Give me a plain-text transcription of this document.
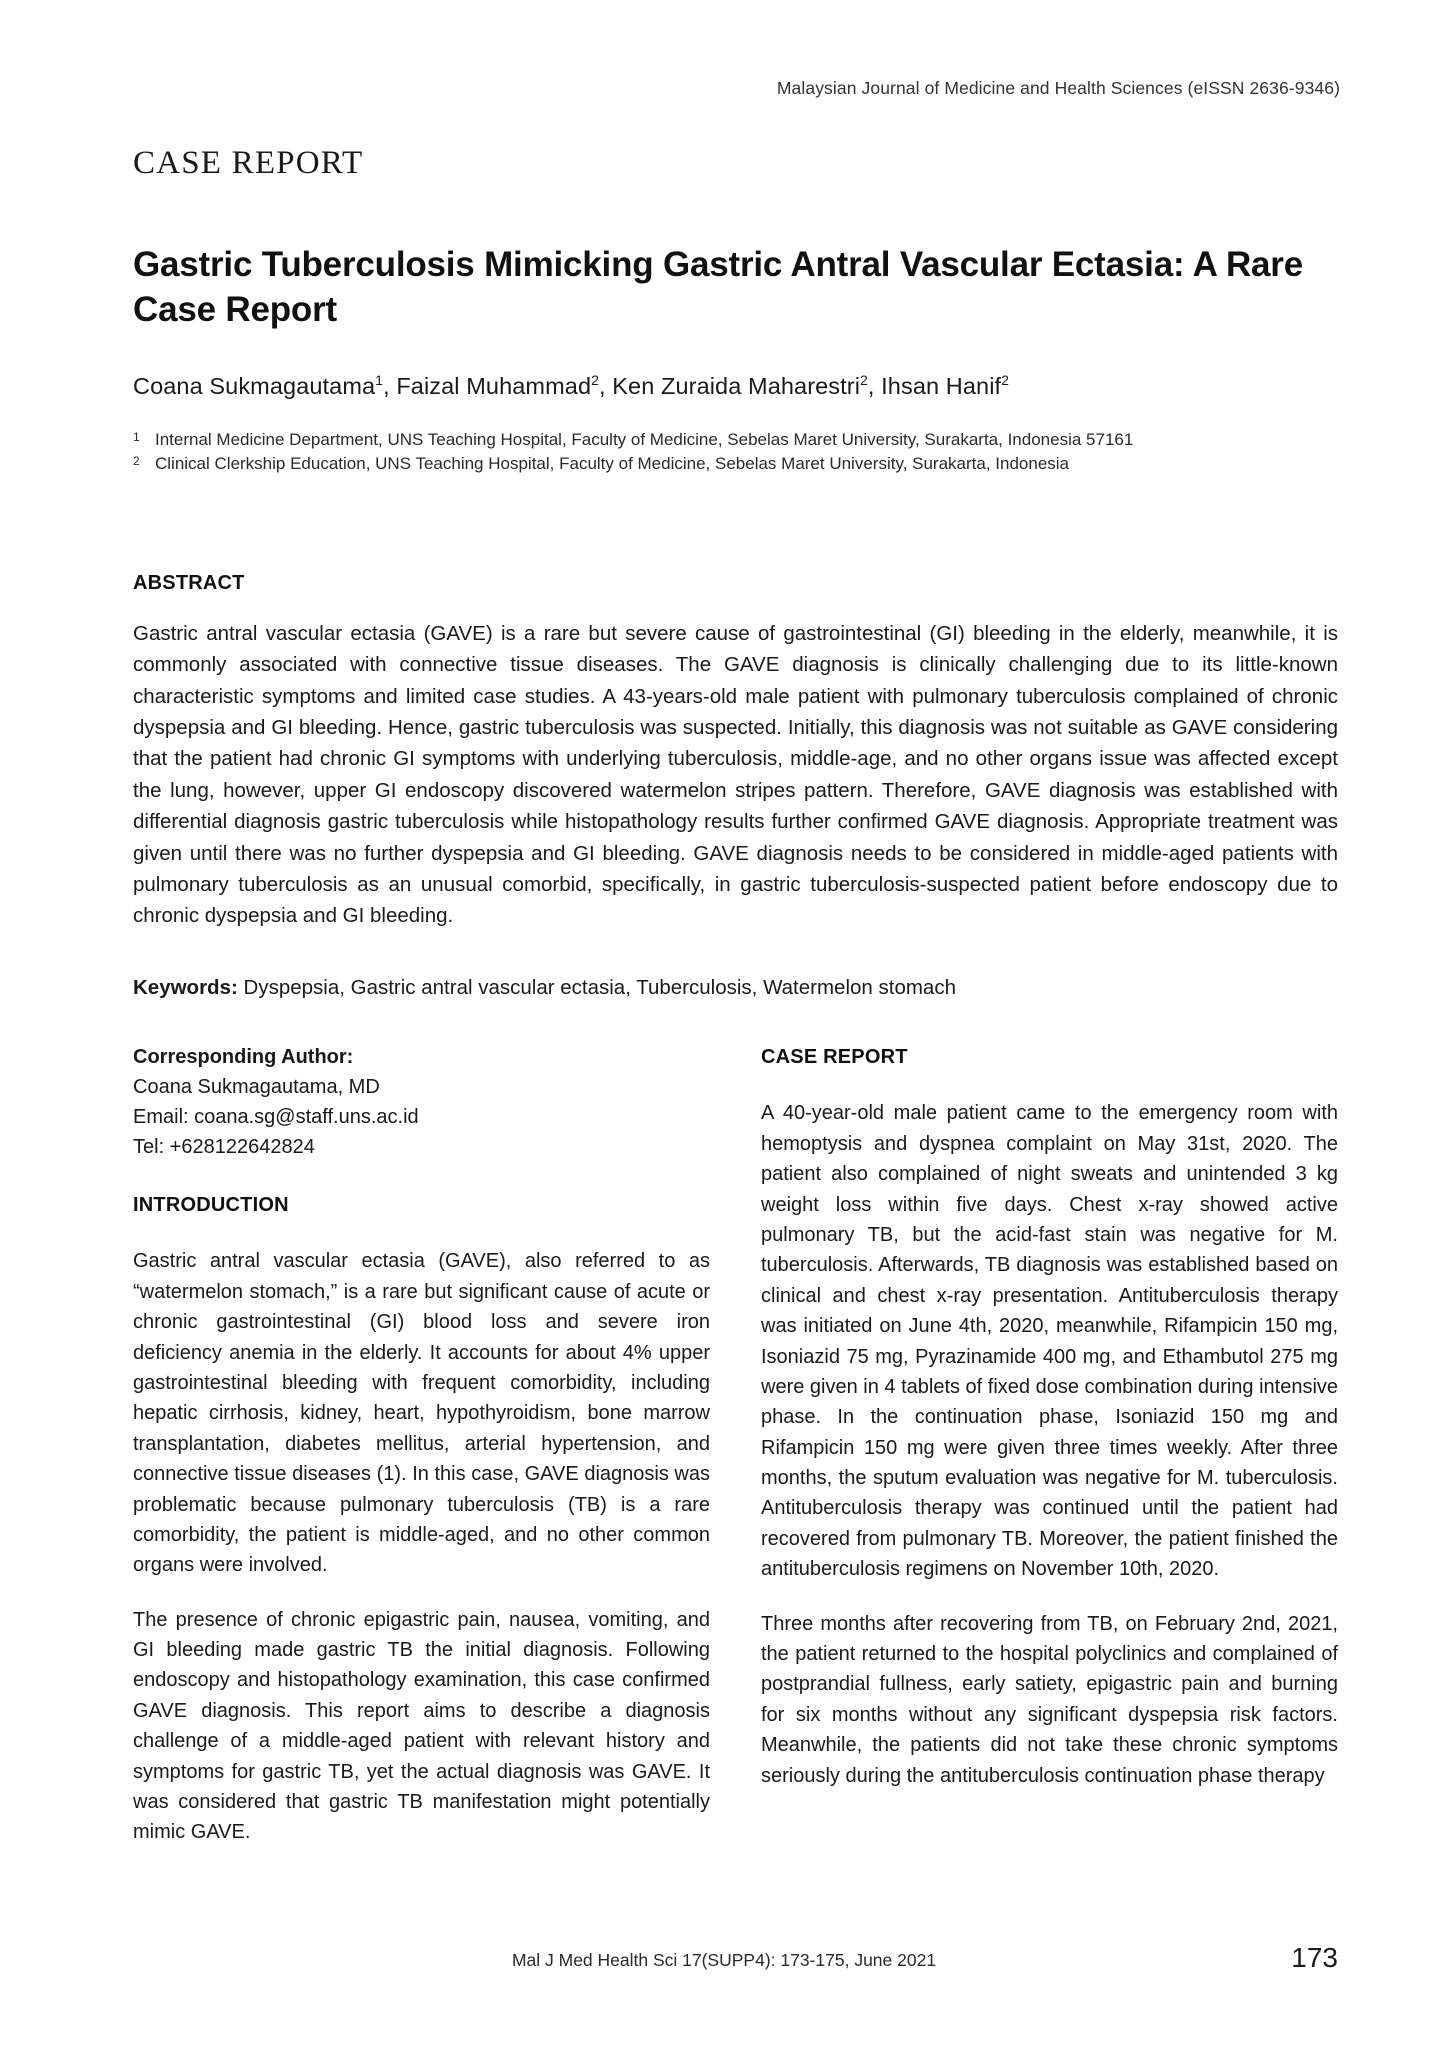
Malaysian Journal of Medicine and Health Sciences (eISSN 2636-9346)
CASE REPORT
Gastric Tuberculosis Mimicking Gastric Antral Vascular Ectasia: A Rare Case Report
Coana Sukmagautama$^1$, Faizal Muhammad$^2$, Ken Zuraida Maharestri$^2$, Ihsan Hanif$^2$
1 Internal Medicine Department, UNS Teaching Hospital, Faculty of Medicine, Sebelas Maret University, Surakarta, Indonesia 57161
2 Clinical Clerkship Education, UNS Teaching Hospital, Faculty of Medicine, Sebelas Maret University, Surakarta, Indonesia
ABSTRACT
Gastric antral vascular ectasia (GAVE) is a rare but severe cause of gastrointestinal (GI) bleeding in the elderly, meanwhile, it is commonly associated with connective tissue diseases. The GAVE diagnosis is clinically challenging due to its little-known characteristic symptoms and limited case studies. A 43-years-old male patient with pulmonary tuberculosis complained of chronic dyspepsia and GI bleeding. Hence, gastric tuberculosis was suspected. Initially, this diagnosis was not suitable as GAVE considering that the patient had chronic GI symptoms with underlying tuberculosis, middle-age, and no other organs issue was affected except the lung, however, upper GI endoscopy discovered watermelon stripes pattern. Therefore, GAVE diagnosis was established with differential diagnosis gastric tuberculosis while histopathology results further confirmed GAVE diagnosis. Appropriate treatment was given until there was no further dyspepsia and GI bleeding. GAVE diagnosis needs to be considered in middle-aged patients with pulmonary tuberculosis as an unusual comorbid, specifically, in gastric tuberculosis-suspected patient before endoscopy due to chronic dyspepsia and GI bleeding.
Keywords: Dyspepsia, Gastric antral vascular ectasia, Tuberculosis, Watermelon stomach
Corresponding Author:
Coana Sukmagautama, MD
Email: coana.sg@staff.uns.ac.id
Tel: +628122642824
INTRODUCTION

Gastric antral vascular ectasia (GAVE), also referred to as “watermelon stomach,” is a rare but significant cause of acute or chronic gastrointestinal (GI) blood loss and severe iron deficiency anemia in the elderly. It accounts for about 4% upper gastrointestinal bleeding with frequent comorbidity, including hepatic cirrhosis, kidney, heart, hypothyroidism, bone marrow transplantation, diabetes mellitus, arterial hypertension, and connective tissue diseases (1). In this case, GAVE diagnosis was problematic because pulmonary tuberculosis (TB) is a rare comorbidity, the patient is middle-aged, and no other common organs were involved.

The presence of chronic epigastric pain, nausea, vomiting, and GI bleeding made gastric TB the initial diagnosis. Following endoscopy and histopathology examination, this case confirmed GAVE diagnosis. This report aims to describe a diagnosis challenge of a middle-aged patient with relevant history and symptoms for gastric TB, yet the actual diagnosis was GAVE. It was considered that gastric TB manifestation might potentially mimic GAVE.

CASE REPORT

A 40-year-old male patient came to the emergency room with hemoptysis and dyspnea complaint on May 31st, 2020. The patient also complained of night sweats and unintended 3 kg weight loss within five days. Chest x-ray showed active pulmonary TB, but the acid-fast stain was negative for M. tuberculosis. Afterwards, TB diagnosis was established based on clinical and chest x-ray presentation. Antituberculosis therapy was initiated on June 4th, 2020, meanwhile, Rifampicin 150 mg, Isoniazid 75 mg, Pyrazinamide 400 mg, and Ethambutol 275 mg were given in 4 tablets of fixed dose combination during intensive phase. In the continuation phase, Isoniazid 150 mg and Rifampicin 150 mg were given three times weekly. After three months, the sputum evaluation was negative for M. tuberculosis. Antituberculosis therapy was continued until the patient had recovered from pulmonary TB. Moreover, the patient finished the antituberculosis regimens on November 10th, 2020.

Three months after recovering from TB, on February 2nd, 2021, the patient returned to the hospital polyclinics and complained of postprandial fullness, early satiety, epigastric pain and burning for six months without any significant dyspepsia risk factors. Meanwhile, the patients did not take these chronic symptoms seriously during the antituberculosis continuation phase therapy

Mal J Med Health Sci 17(SUPP4): 173-175, June 2021	173
